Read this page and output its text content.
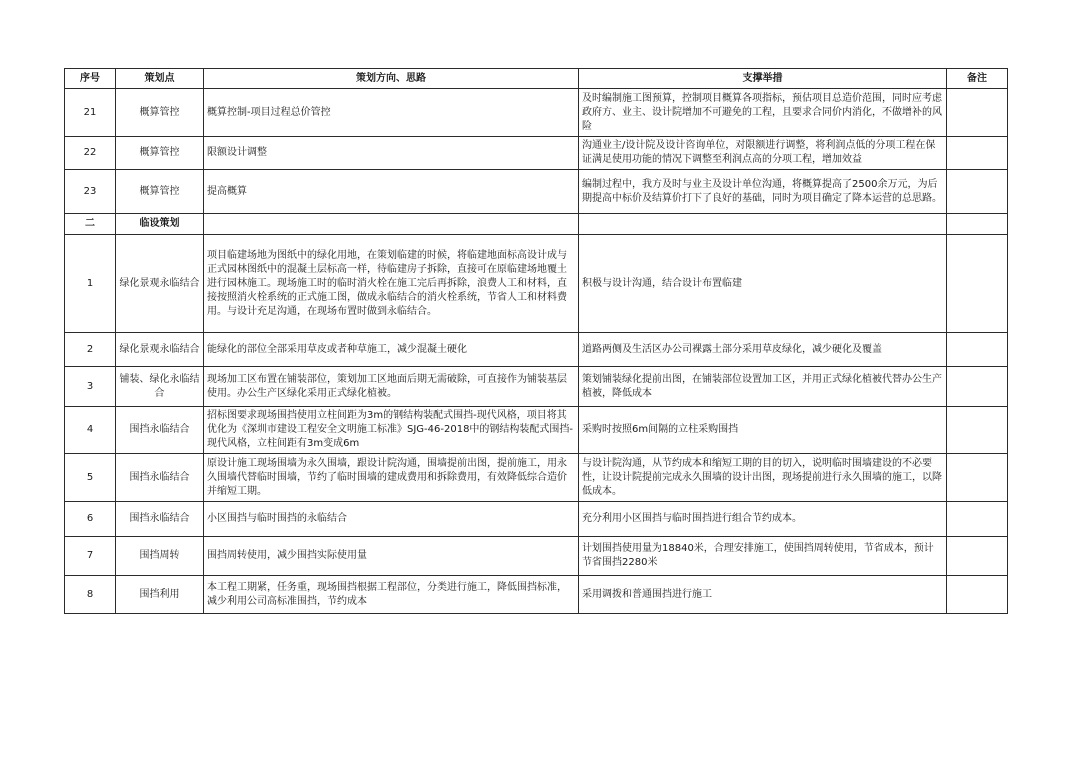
序号	策划点	策划方向、思路	支撑举措	备注
21	概算管控	概算控制-项目过程总价管控	及时编制施工图预算，控制项目概算各项指标，预估项目总造价范围，同时应考虑政府方、业主、设计院增加不可避免的工程，且要求合同价内消化，不做增补的风险	
22	概算管控	限额设计调整	沟通业主/设计院及设计咨询单位，对限额进行调整，将利润点低的分项工程在保证满足使用功能的情况下调整至利润点高的分项工程，增加效益	
23	概算管控	提高概算	编制过程中，我方及时与业主及设计单位沟通，将概算提高了2500余万元，为后期提高中标价及结算价打下了良好的基础，同时为项目确定了降本运营的总思路。	
二	临设策划			
1	绿化景观永临结合	项目临建场地为图纸中的绿化用地，在策划临建的时候，将临建地面标高设计成与正式园林图纸中的混凝土层标高一样，待临建房子拆除，直接可在原临建场地覆土进行园林施工。现场施工时的临时消火栓在施工完后再拆除，浪费人工和材料，直接按照消火栓系统的正式施工图，做成永临结合的消火栓系统，节省人工和材料费用。与设计充足沟通，在现场布置时做到永临结合。	积极与设计沟通，结合设计布置临建	
2	绿化景观永临结合	能绿化的部位全部采用草皮或者种草施工，减少混凝土硬化	道路两侧及生活区办公司裸露土部分采用草皮绿化，减少硬化及覆盖	
3	铺装、绿化永临结合	现场加工区布置在铺装部位，策划加工区地面后期无需破除，可直接作为铺装基层使用。办公生产区绿化采用正式绿化植被。	策划铺装绿化提前出图，在铺装部位设置加工区，并用正式绿化植被代替办公生产植被，降低成本	
4	围挡永临结合	招标图要求现场围挡使用立柱间距为3m的钢结构装配式围挡-现代风格，项目将其优化为《深圳市建设工程安全文明施工标准》SJG-46-2018中的钢结构装配式围挡-现代风格，立柱间距有3m变成6m	采购时按照6m间隔的立柱采购围挡	
5	围挡永临结合	原设计施工现场围墙为永久围墙，跟设计院沟通，围墙提前出图，提前施工，用永久围墙代替临时围墙，节约了临时围墙的建成费用和拆除费用，有效降低综合造价并缩短工期。	与设计院沟通，从节约成本和缩短工期的目的切入，说明临时围墙建设的不必要性，让设计院提前完成永久围墙的设计出图，现场提前进行永久围墙的施工，以降低成本。	
6	围挡永临结合	小区围挡与临时围挡的永临结合	充分利用小区围挡与临时围挡进行组合节约成本。	
7	围挡周转	围挡周转使用，减少围挡实际使用量	计划围挡使用量为18840米，合理安排施工，使围挡周转使用，节省成本，预计节省围挡2280米	
8	围挡利用	本工程工期紧，任务重，现场围挡根据工程部位，分类进行施工，降低围挡标准，减少利用公司高标准围挡，节约成本	采用调拨和普通围挡进行施工	
